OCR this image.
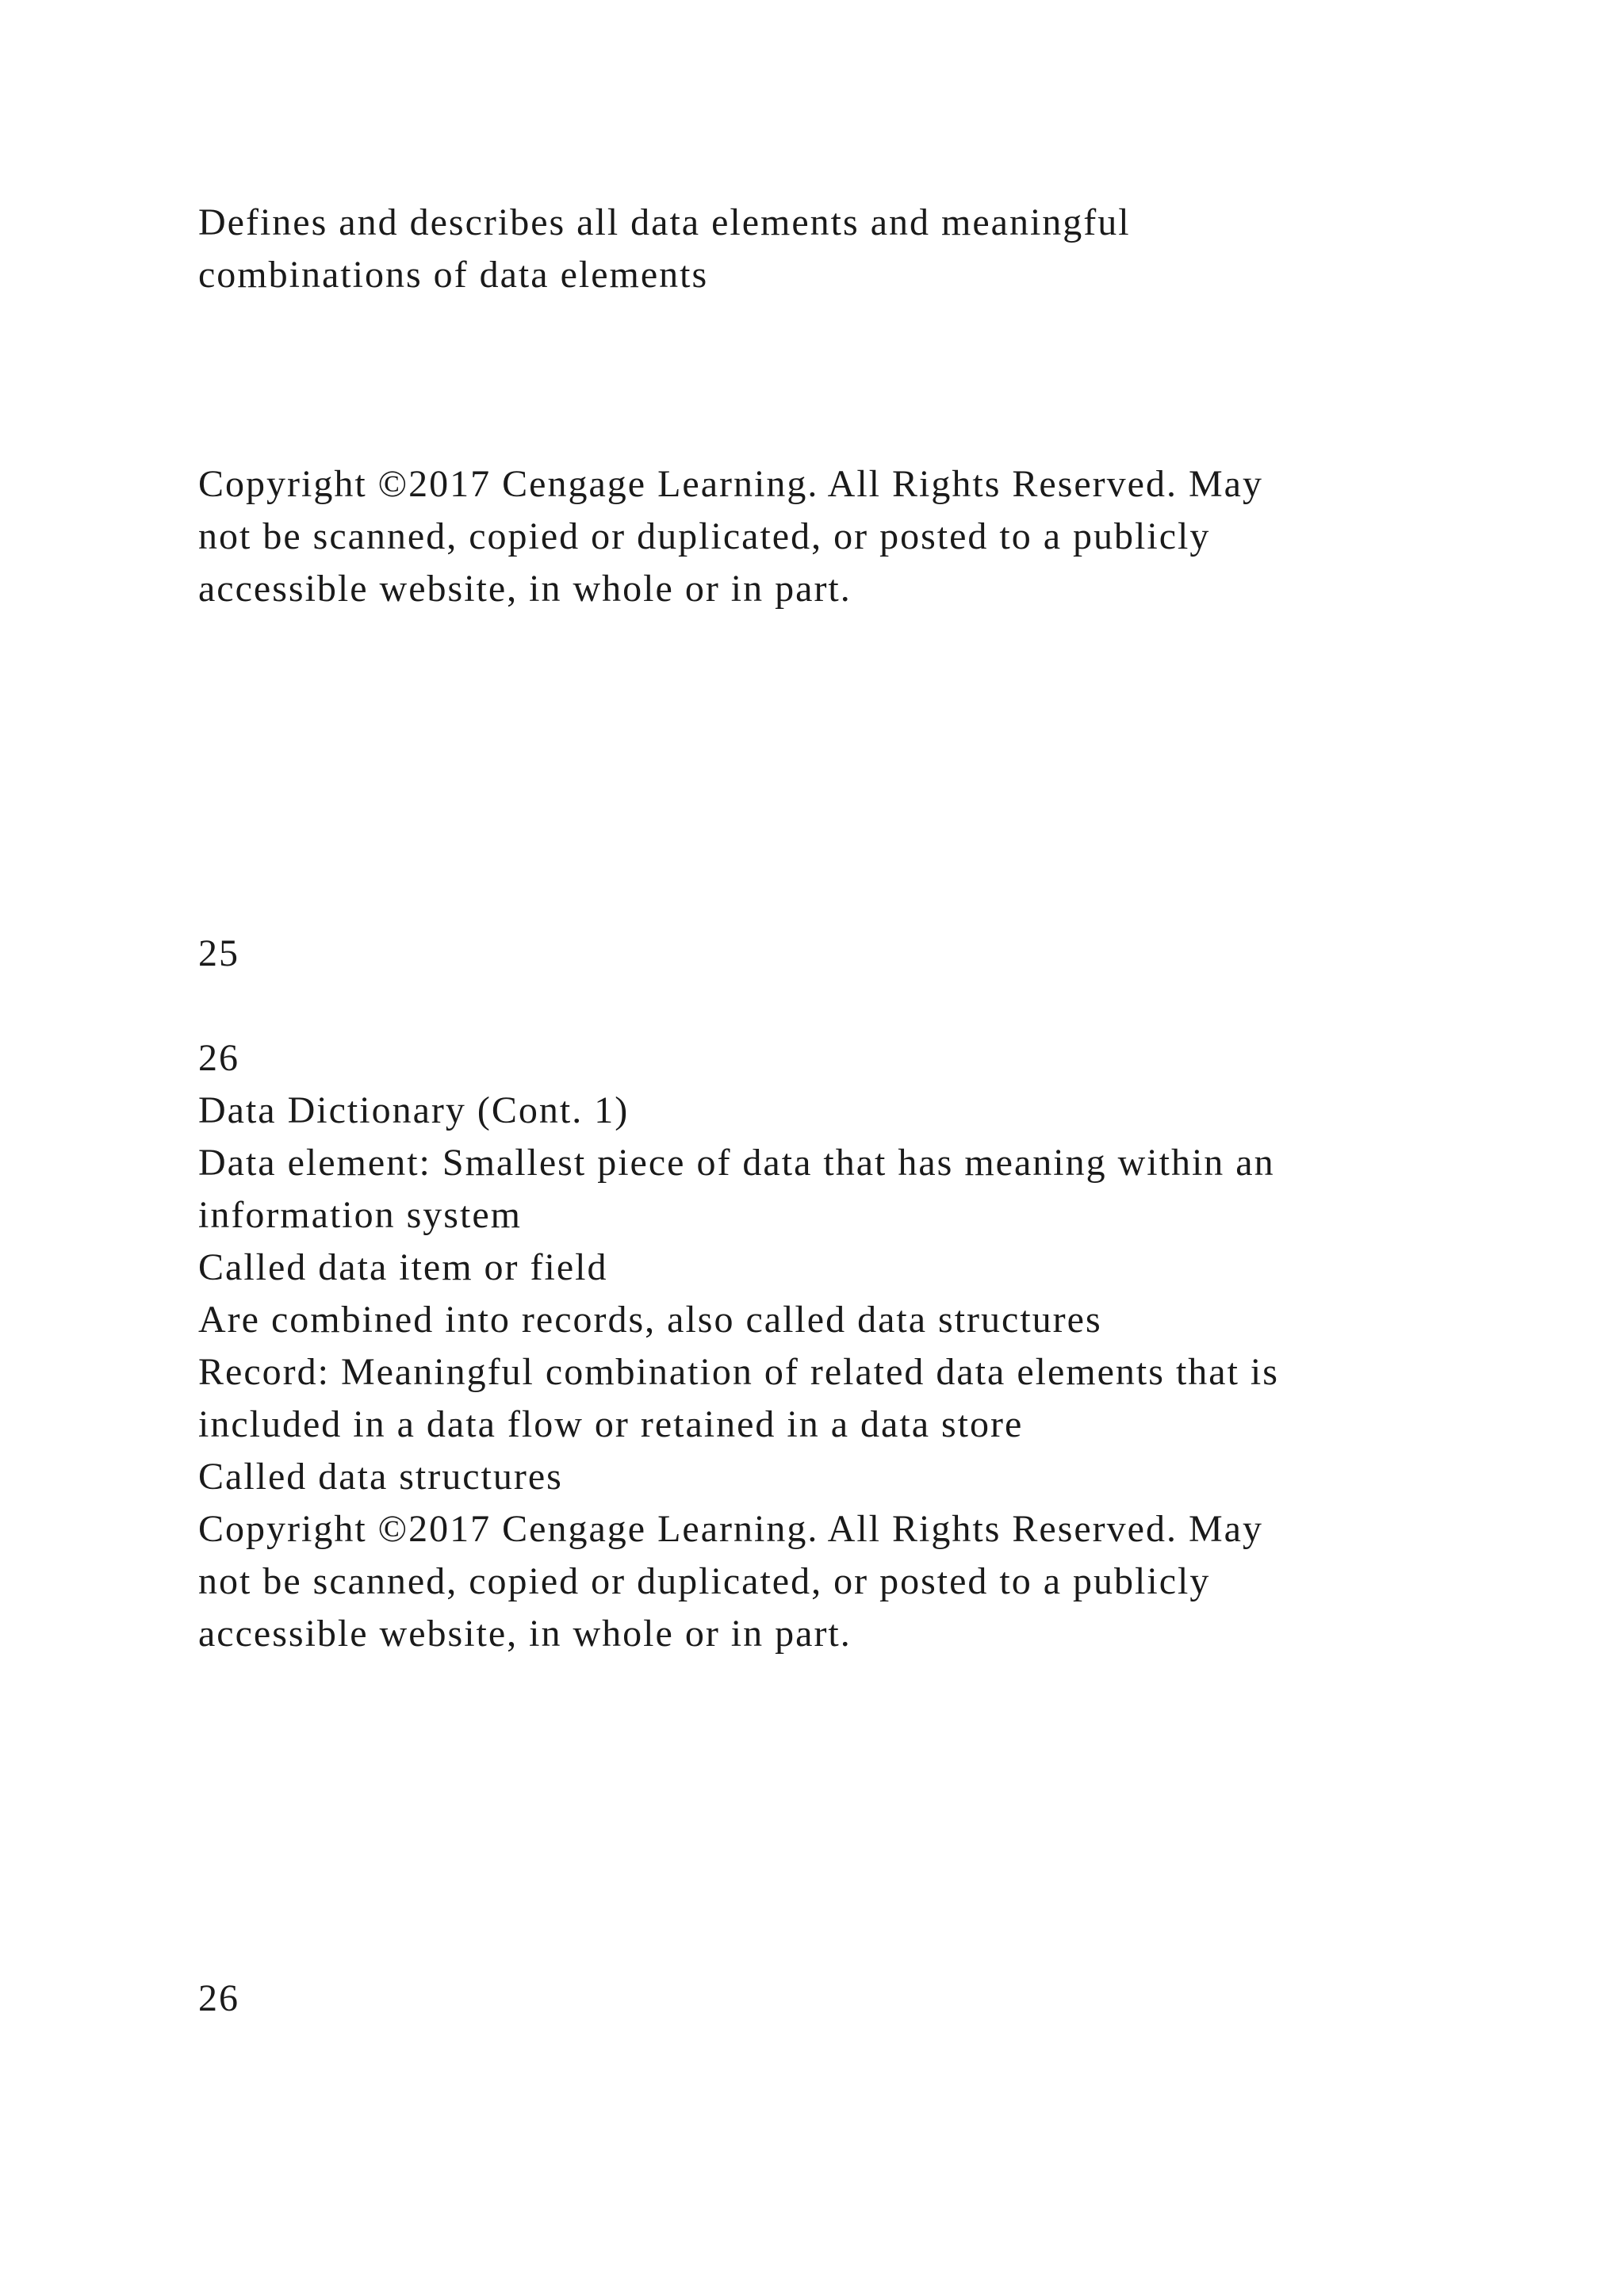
Defines and describes all data elements and meaningful
combinations of data elements
Copyright ©2017 Cengage Learning. All Rights Reserved. May
not be scanned, copied or duplicated, or posted to a publicly
accessible website, in whole or in part.
25
26
Data Dictionary (Cont. 1)
Data element: Smallest piece of data that has meaning within an
information system
Called data item or field
Are combined into records, also called data structures
Record: Meaningful combination of related data elements that is
included in a data flow or retained in a data store
Called data structures
Copyright ©2017 Cengage Learning. All Rights Reserved. May
not be scanned, copied or duplicated, or posted to a publicly
accessible website, in whole or in part.
26
